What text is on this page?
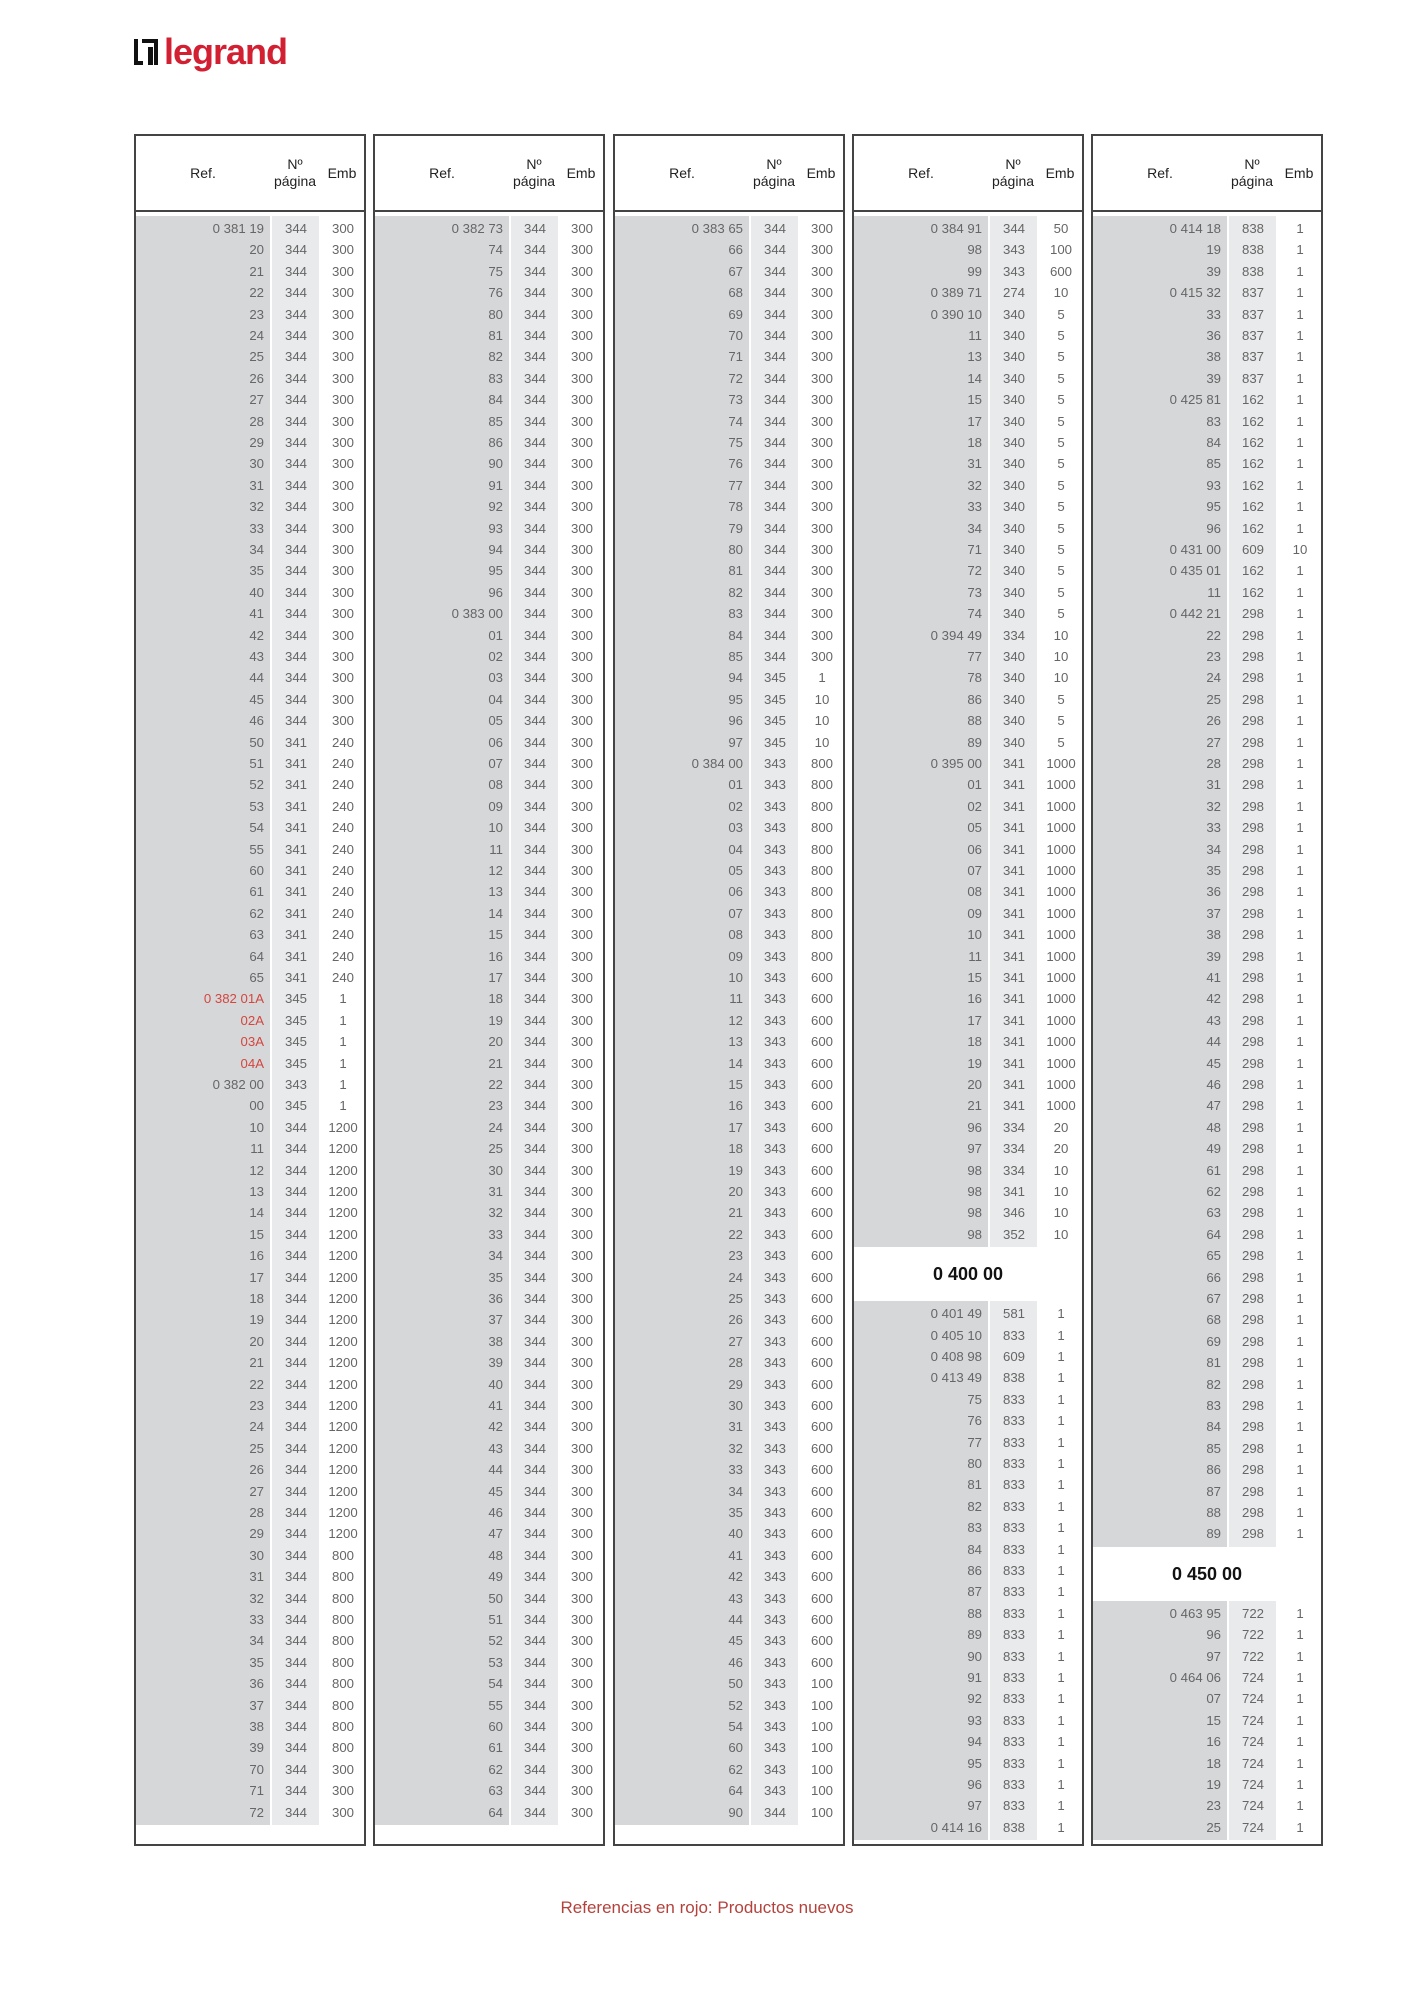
legrand
Ref.
Nº
página
Emb
0 381 19	344	300
20	344	300
21	344	300
22	344	300
23	344	300
24	344	300
25	344	300
26	344	300
27	344	300
28	344	300
29	344	300
30	344	300
31	344	300
32	344	300
33	344	300
34	344	300
35	344	300
40	344	300
41	344	300
42	344	300
43	344	300
44	344	300
45	344	300
46	344	300
50	341	240
51	341	240
52	341	240
53	341	240
54	341	240
55	341	240
60	341	240
61	341	240
62	341	240
63	341	240
64	341	240
65	341	240
0 382 01A	345	1
02A	345	1
03A	345	1
04A	345	1
0 382 00	343	1
00	345	1
10	344	1200
11	344	1200
12	344	1200
13	344	1200
14	344	1200
15	344	1200
16	344	1200
17	344	1200
18	344	1200
19	344	1200
20	344	1200
21	344	1200
22	344	1200
23	344	1200
24	344	1200
25	344	1200
26	344	1200
27	344	1200
28	344	1200
29	344	1200
30	344	800
31	344	800
32	344	800
33	344	800
34	344	800
35	344	800
36	344	800
37	344	800
38	344	800
39	344	800
70	344	300
71	344	300
72	344	300
Ref.
Nº
página
Emb
0 382 73	344	300
74	344	300
75	344	300
76	344	300
80	344	300
81	344	300
82	344	300
83	344	300
84	344	300
85	344	300
86	344	300
90	344	300
91	344	300
92	344	300
93	344	300
94	344	300
95	344	300
96	344	300
0 383 00	344	300
01	344	300
02	344	300
03	344	300
04	344	300
05	344	300
06	344	300
07	344	300
08	344	300
09	344	300
10	344	300
11	344	300
12	344	300
13	344	300
14	344	300
15	344	300
16	344	300
17	344	300
18	344	300
19	344	300
20	344	300
21	344	300
22	344	300
23	344	300
24	344	300
25	344	300
30	344	300
31	344	300
32	344	300
33	344	300
34	344	300
35	344	300
36	344	300
37	344	300
38	344	300
39	344	300
40	344	300
41	344	300
42	344	300
43	344	300
44	344	300
45	344	300
46	344	300
47	344	300
48	344	300
49	344	300
50	344	300
51	344	300
52	344	300
53	344	300
54	344	300
55	344	300
60	344	300
61	344	300
62	344	300
63	344	300
64	344	300
Ref.
Nº
página
Emb
0 383 65	344	300
66	344	300
67	344	300
68	344	300
69	344	300
70	344	300
71	344	300
72	344	300
73	344	300
74	344	300
75	344	300
76	344	300
77	344	300
78	344	300
79	344	300
80	344	300
81	344	300
82	344	300
83	344	300
84	344	300
85	344	300
94	345	1
95	345	10
96	345	10
97	345	10
0 384 00	343	800
01	343	800
02	343	800
03	343	800
04	343	800
05	343	800
06	343	800
07	343	800
08	343	800
09	343	800
10	343	600
11	343	600
12	343	600
13	343	600
14	343	600
15	343	600
16	343	600
17	343	600
18	343	600
19	343	600
20	343	600
21	343	600
22	343	600
23	343	600
24	343	600
25	343	600
26	343	600
27	343	600
28	343	600
29	343	600
30	343	600
31	343	600
32	343	600
33	343	600
34	343	600
35	343	600
40	343	600
41	343	600
42	343	600
43	343	600
44	343	600
45	343	600
46	343	600
50	343	100
52	343	100
54	343	100
60	343	100
62	343	100
64	343	100
90	344	100
Ref.
Nº
página
Emb
0 384 91	344	50
98	343	100
99	343	600
0 389 71	274	10
0 390 10	340	5
11	340	5
13	340	5
14	340	5
15	340	5
17	340	5
18	340	5
31	340	5
32	340	5
33	340	5
34	340	5
71	340	5
72	340	5
73	340	5
74	340	5
0 394 49	334	10
77	340	10
78	340	10
86	340	5
88	340	5
89	340	5
0 395 00	341	1000
01	341	1000
02	341	1000
05	341	1000
06	341	1000
07	341	1000
08	341	1000
09	341	1000
10	341	1000
11	341	1000
15	341	1000
16	341	1000
17	341	1000
18	341	1000
19	341	1000
20	341	1000
21	341	1000
96	334	20
97	334	20
98	334	10
98	341	10
98	346	10
98	352	10
0 400 00
0 401 49	581	1
0 405 10	833	1
0 408 98	609	1
0 413 49	838	1
75	833	1
76	833	1
77	833	1
80	833	1
81	833	1
82	833	1
83	833	1
84	833	1
86	833	1
87	833	1
88	833	1
89	833	1
90	833	1
91	833	1
92	833	1
93	833	1
94	833	1
95	833	1
96	833	1
97	833	1
0 414 16	838	1
Ref.
Nº
página
Emb
0 414 18	838	1
19	838	1
39	838	1
0 415 32	837	1
33	837	1
36	837	1
38	837	1
39	837	1
0 425 81	162	1
83	162	1
84	162	1
85	162	1
93	162	1
95	162	1
96	162	1
0 431 00	609	10
0 435 01	162	1
11	162	1
0 442 21	298	1
22	298	1
23	298	1
24	298	1
25	298	1
26	298	1
27	298	1
28	298	1
31	298	1
32	298	1
33	298	1
34	298	1
35	298	1
36	298	1
37	298	1
38	298	1
39	298	1
41	298	1
42	298	1
43	298	1
44	298	1
45	298	1
46	298	1
47	298	1
48	298	1
49	298	1
61	298	1
62	298	1
63	298	1
64	298	1
65	298	1
66	298	1
67	298	1
68	298	1
69	298	1
81	298	1
82	298	1
83	298	1
84	298	1
85	298	1
86	298	1
87	298	1
88	298	1
89	298	1
0 450 00
0 463 95	722	1
96	722	1
97	722	1
0 464 06	724	1
07	724	1
15	724	1
16	724	1
18	724	1
19	724	1
23	724	1
25	724	1
Referencias en rojo: Productos nuevos
